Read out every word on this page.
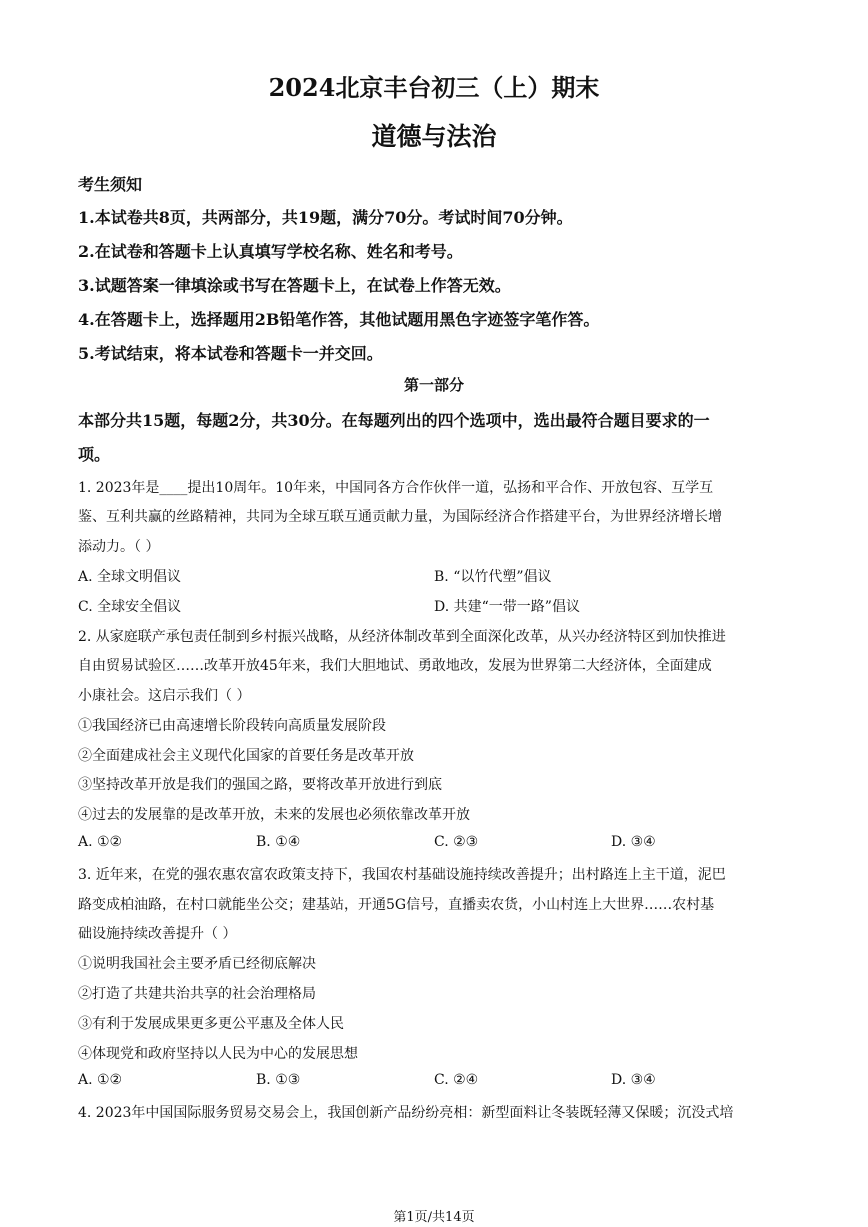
2024北京丰台初三（上）期末
道德与法治
考生须知
1.本试卷共8页，共两部分，共19题，满分70分。考试时间70分钟。
2.在试卷和答题卡上认真填写学校名称、姓名和考号。
3.试题答案一律填涂或书写在答题卡上，在试卷上作答无效。
4.在答题卡上，选择题用2B铅笔作答，其他试题用黑色字迹签字笔作答。
5.考试结束，将本试卷和答题卡一并交回。
第一部分
本部分共15题，每题2分，共30分。在每题列出的四个选项中，选出最符合题目要求的一
项。
1. 2023年是____提出10周年。10年来，中国同各方合作伙伴一道，弘扬和平合作、开放包容、互学互
鉴、互利共赢的丝路精神，共同为全球互联互通贡献力量，为国际经济合作搭建平台，为世界经济增长增
添动力。（ ）
A. 全球文明倡议	B. “以竹代塑”倡议
C. 全球安全倡议	D. 共建“一带一路”倡议
2. 从家庭联产承包责任制到乡村振兴战略，从经济体制改革到全面深化改革，从兴办经济特区到加快推进
自由贸易试验区……改革开放45年来，我们大胆地试、勇敢地改，发展为世界第二大经济体，全面建成
小康社会。这启示我们（ ）
①我国经济已由高速增长阶段转向高质量发展阶段
②全面建成社会主义现代化国家的首要任务是改革开放
③坚持改革开放是我们的强国之路，要将改革开放进行到底
④过去的发展靠的是改革开放，未来的发展也必须依靠改革开放
A. ①②	B. ①④	C. ②③	D. ③④
3. 近年来，在党的强农惠农富农政策支持下，我国农村基础设施持续改善提升；出村路连上主干道，泥巴
路变成柏油路，在村口就能坐公交；建基站，开通5G信号，直播卖农货，小山村连上大世界……农村基
础设施持续改善提升（ ）
①说明我国社会主要矛盾已经彻底解决
②打造了共建共治共享的社会治理格局
③有利于发展成果更多更公平惠及全体人民
④体现党和政府坚持以人民为中心的发展思想
A. ①②	B. ①③	C. ②④	D. ③④
4. 2023年中国国际服务贸易交易会上，我国创新产品纷纷亮相：新型面料让冬装既轻薄又保暖；沉没式培
第1页/共14页
